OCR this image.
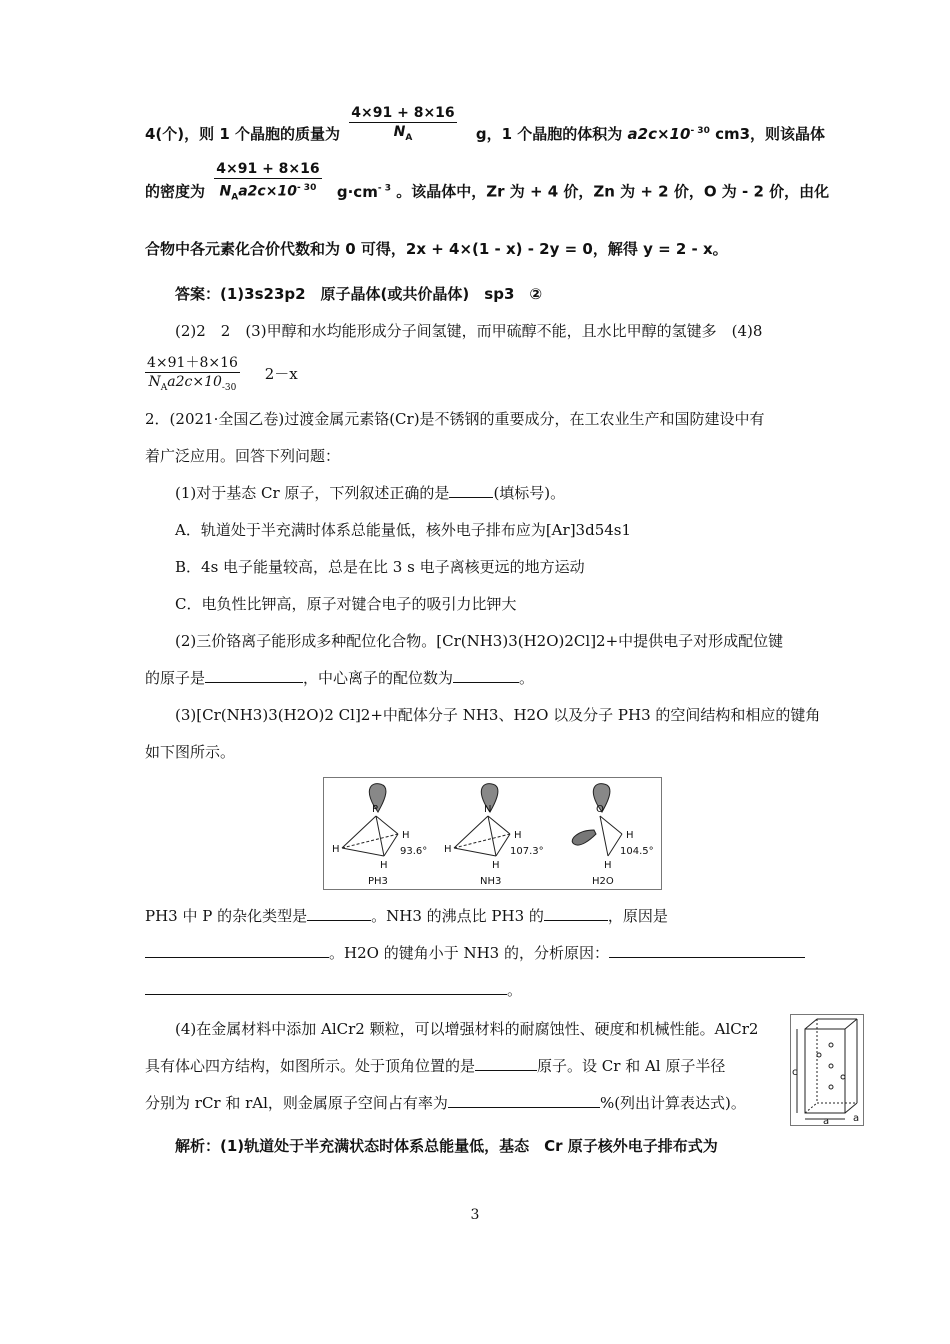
4(个)，则 1 个晶胞的质量为 $\frac{4\times 91 + 8\times 16}{N_A}$ g，1 个晶胞的体积为 $a2c\times 10^{- 30}$ cm3，则该晶体
的密度为 $\frac{4\times 91 + 8\times 16}{N_Aa2c\times 10^{- 30}} g\cdot cm^{- 3}$ 。该晶体中，Zr 为 + 4 价，Zn 为 + 2 价，O 为 - 2 价，由化
合物中各元素化合价代数和为 0 可得，2x + 4×(1 - x) - 2y = 0，解得 y = 2 - x。
答案：(1)3s23p2　原子晶体(或共价晶体)　sp3　②
(2)2　2　(3)甲醇和水均能形成分子间氢键，而甲硫醇不能，且水比甲醇的氢键多　(4)8
$\frac{4\times 91+8\times 16}{N_Aa2c\times 10_{-30}} 2-x$
2．(2021·全国乙卷)过渡金属元素铬(Cr)是不锈钢的重要成分，在工农业生产和国防建设中有
着广泛应用。回答下列问题：
(1)对于基态 Cr 原子，下列叙述正确的是	(填标号)。
A．轨道处于半充满时体系总能量低，核外电子排布应为[Ar]3d54s1
B．4s 电子能量较高，总是在比 3 s 电子离核更远的地方运动
C．电负性比钾高，原子对键合电子的吸引力比钾大
(2)三价铬离子能形成多种配位化合物。[Cr(NH3)3(H2O)2Cl]2+中提供电子对形成配位键
的原子是	，中心离子的配位数为	。
(3)[Cr(NH3)3(H2O)2 Cl]2+中配体分子 NH3、H2O 以及分子 PH3 的空间结构和相应的键角
如下图所示。
P
H
H
H
93.6°
PH3
N
H
H
H
107.3°
NH3
O
H
H
104.5°
H2O
PH3 中 P 的杂化类型是	。NH3 的沸点比 PH3 的	，原因是
。H2O 的键角小于 NH3 的，分析原因：
。
(4)在金属材料中添加 AlCr2 颗粒，可以增强材料的耐腐蚀性、硬度和机械性能。AlCr2
具有体心四方结构，如图所示。处于顶角位置的是	原子。设 Cr 和 Al 原子半径
分别为 rCr 和 rAl，则金属原子空间占有率为	%(列出计算表达式)。
c
a a
解析：(1)轨道处于半充满状态时体系总能量低，基态　Cr 原子核外电子排布式为
3
